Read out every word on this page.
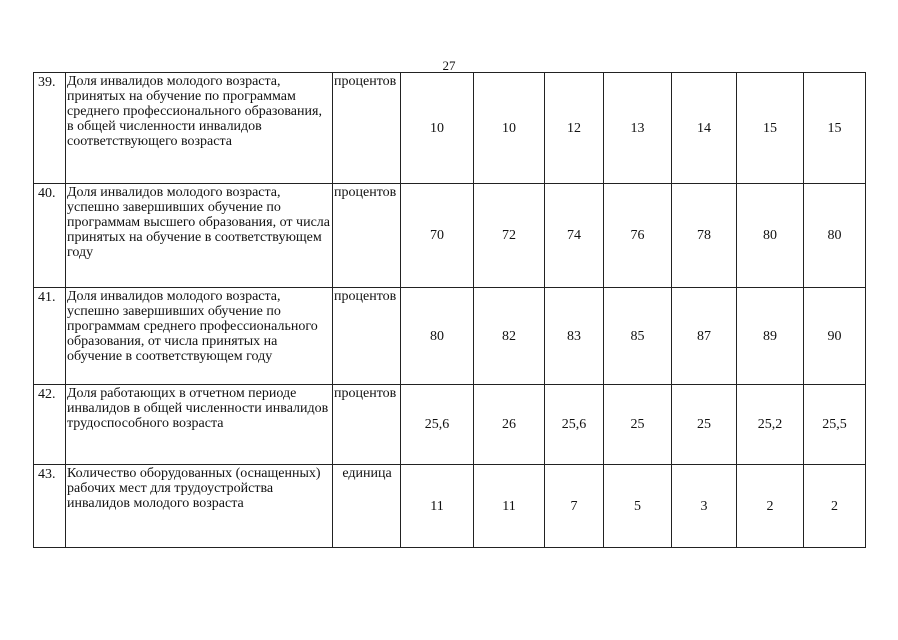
27
39.	Доля инвалидов молодого возраста, принятых на обучение по программам среднего профессионального образования, в общей численности инвалидов соответствующего возраста	процентов	10	10	12	13	14	15	15
40.	Доля инвалидов молодого возраста, успешно завершивших обучение по программам высшего образования, от числа принятых на обучение в соответствующем году	процентов	70	72	74	76	78	80	80
41.	Доля инвалидов молодого возраста, успешно завершивших обучение по программам среднего профессионального образования, от числа принятых на обучение в соответствующем году	процентов	80	82	83	85	87	89	90
42.	Доля работающих в отчетном периоде инвалидов в общей численности инвалидов трудоспособного возраста	процентов	25,6	26	25,6	25	25	25,2	25,5
43.	Количество оборудованных (оснащенных) рабочих мест для трудоустройства инвалидов молодого возраста	единица	11	11	7	5	3	2	2
